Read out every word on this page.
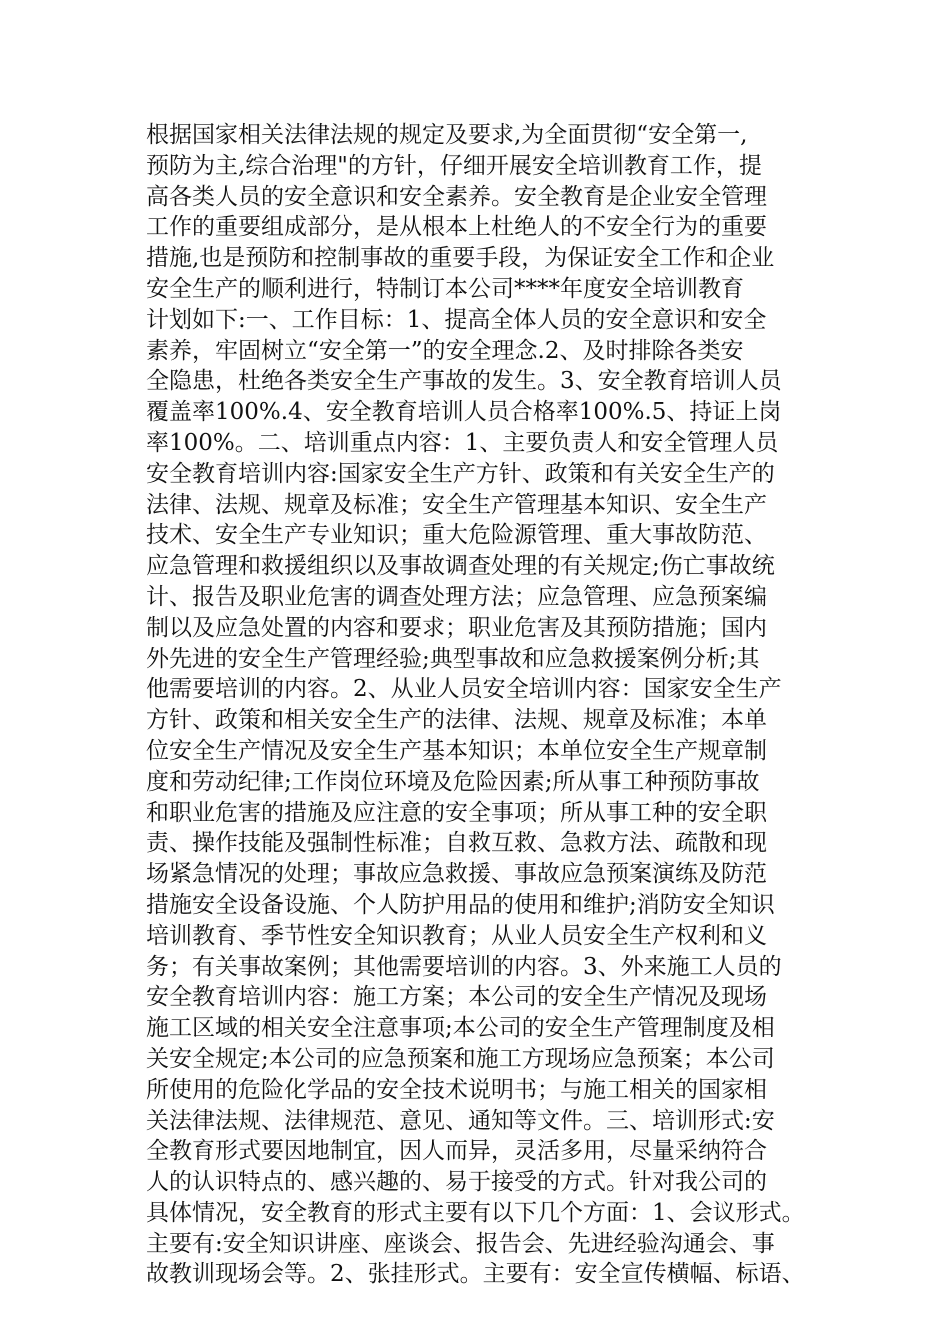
根据国家相关法律法规的规定及要求,为全面贯彻“安全第一,
预防为主,综合治理"的方针，仔细开展安全培训教育工作，提
高各类人员的安全意识和安全素养。安全教育是企业安全管理
工作的重要组成部分，是从根本上杜绝人的不安全行为的重要
措施,也是预防和控制事故的重要手段，为保证安全工作和企业
安全生产的顺利进行，特制订本公司****年度安全培训教育
计划如下:一、工作目标：1、提高全体人员的安全意识和安全
素养，牢固树立“安全第一”的安全理念.2、及时排除各类安
全隐患，杜绝各类安全生产事故的发生。3、安全教育培训人员
覆盖率100%.4、安全教育培训人员合格率100%.5、持证上岗
率100%。二、培训重点内容：1、主要负责人和安全管理人员
安全教育培训内容:国家安全生产方针、政策和有关安全生产的
法律、法规、规章及标准；安全生产管理基本知识、安全生产
技术、安全生产专业知识；重大危险源管理、重大事故防范、
应急管理和救援组织以及事故调查处理的有关规定;伤亡事故统
计、报告及职业危害的调查处理方法；应急管理、应急预案编
制以及应急处置的内容和要求；职业危害及其预防措施；国内
外先进的安全生产管理经验;典型事故和应急救援案例分析;其
他需要培训的内容。2、从业人员安全培训内容：国家安全生产
方针、政策和相关安全生产的法律、法规、规章及标准；本单
位安全生产情况及安全生产基本知识；本单位安全生产规章制
度和劳动纪律;工作岗位环境及危险因素;所从事工种预防事故
和职业危害的措施及应注意的安全事项；所从事工种的安全职
责、操作技能及强制性标准；自救互救、急救方法、疏散和现
场紧急情况的处理；事故应急救援、事故应急预案演练及防范
措施安全设备设施、个人防护用品的使用和维护;消防安全知识
培训教育、季节性安全知识教育；从业人员安全生产权利和义
务；有关事故案例；其他需要培训的内容。3、外来施工人员的
安全教育培训内容：施工方案；本公司的安全生产情况及现场
施工区域的相关安全注意事项;本公司的安全生产管理制度及相
关安全规定;本公司的应急预案和施工方现场应急预案；本公司
所使用的危险化学品的安全技术说明书；与施工相关的国家相
关法律法规、法律规范、意见、通知等文件。三、培训形式:安
全教育形式要因地制宜，因人而异，灵活多用，尽量采纳符合
人的认识特点的、感兴趣的、易于接受的方式。针对我公司的
具体情况，安全教育的形式主要有以下几个方面：1、会议形式。
主要有:安全知识讲座、座谈会、报告会、先进经验沟通会、事
故教训现场会等。2、张挂形式。主要有：安全宣传横幅、标语、
